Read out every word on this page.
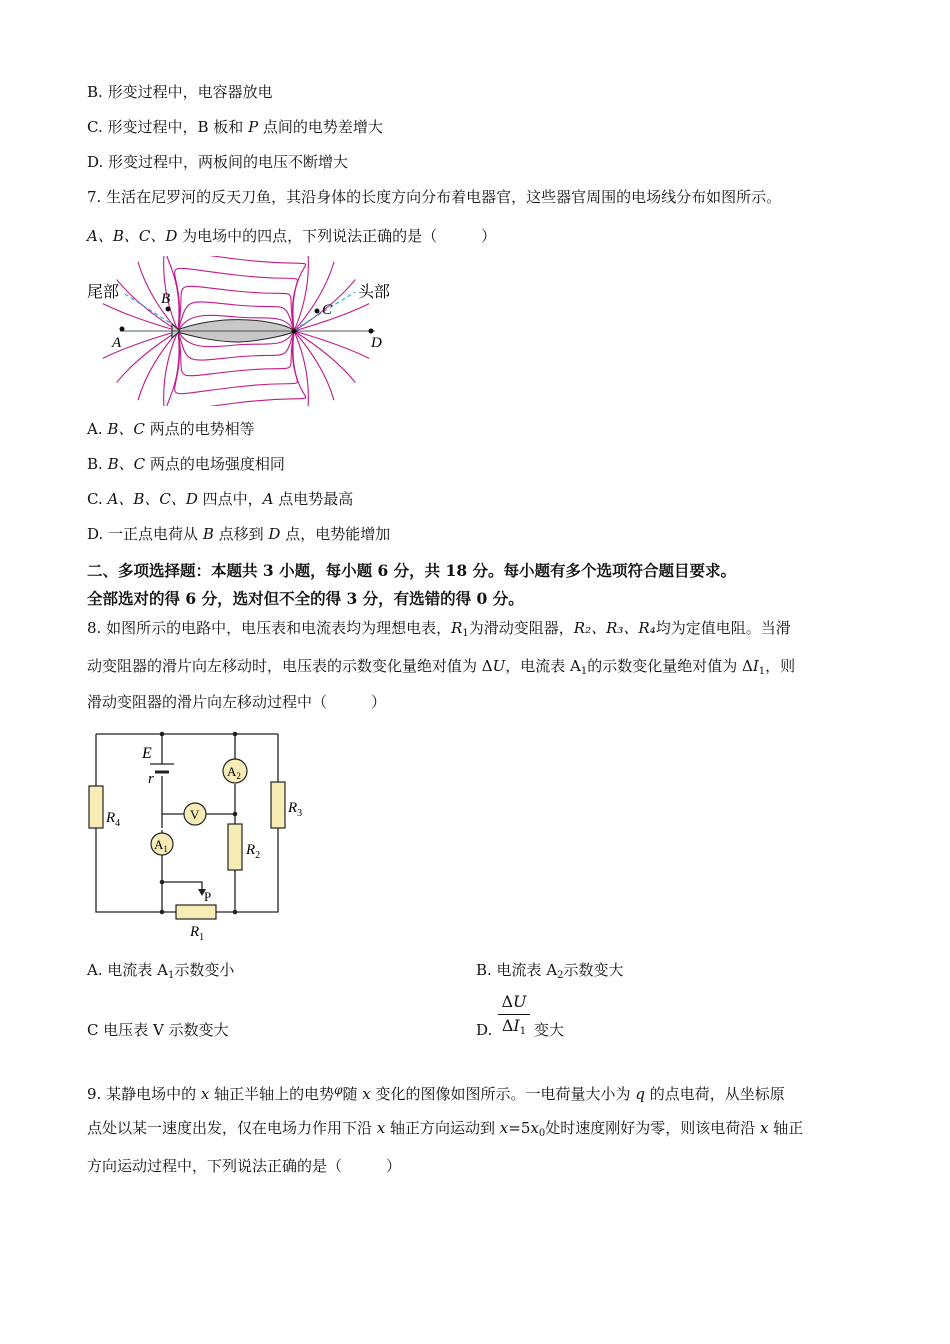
B. 形变过程中，电容器放电
C. 形变过程中，B 板和 P 点间的电势差增大
D. 形变过程中，两板间的电压不断增大
7. 生活在尼罗河的反天刀鱼，其沿身体的长度方向分布着电器官，这些器官周围的电场线分布如图所示。
A、B、C、D 为电场中的四点，下列说法正确的是（	）
尾部	头部
A
B
C
D
A. B、C 两点的电势相等
B. B、C 两点的电场强度相同
C. A、B、C、D 四点中，A 点电势最高
D. 一正点电荷从 B 点移到 D 点，电势能增加
二、多项选择题：本题共 3 小题，每小题 6 分，共 18 分。每小题有多个选项符合题目要求。
全部选对的得 6 分，选对但不全的得 3 分，有选错的得 0 分。
8. 如图所示的电路中，电压表和电流表均为理想电表，$R_1$为滑动变阻器，R₂、R₃、R₄均为定值电阻。当滑
动变阻器的滑片向左移动时，电压表的示数变化量绝对值为 ΔU，电流表 $A_1$的示数变化量绝对值为 $\Delta I_1$，则
滑动变阻器的滑片向左移动过程中（	）
E
r	$A_2$
V
$A_1$
$R_4$
$R_3$
$R_2$
$R_1$
P
A. 电流表 $A_1$示数变小	B. 电流表 $A_2$示数变大
C 电压表 V 示数变大	D. $\frac{\Delta U}{\Delta I_1}$ 变大
9. 某静电场中的 x 轴正半轴上的电势$^\varphi$随 x 变化的图像如图所示。一电荷量大小为 q 的点电荷，从坐标原
点处以某一速度出发，仅在电场力作用下沿 x 轴正方向运动到 $x=5x_0$处时速度刚好为零，则该电荷沿 x 轴正
方向运动过程中，下列说法正确的是（	）
